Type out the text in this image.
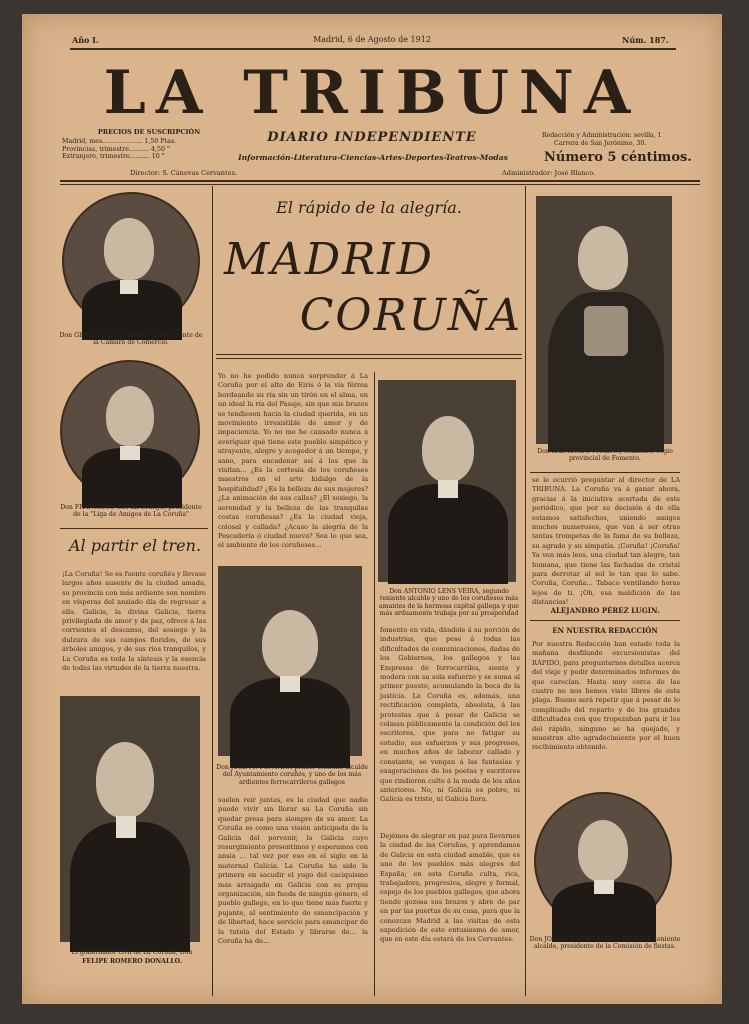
Año I.	Madrid, 6 de Agosto de 1912	Núm. 187.
LA TRIBUNA
PRECIOS DE SUSCRIPCIÓN
Madrid, mes.................... 1,50 Ptas.
Provincias, trimestre.......... 4,50 "
Extranjero, trimestre.......... 10 "
DIARIO INDEPENDIENTE
Información-Literatura-Ciencias-Artes-Deportes-Teatros-Modas
Redacción y Administración: sevilla, 1
Carrera de San Jerónimo, 30.
Número 5 céntimos.
Director: S. Cánovas Cervantes.	Administrador: José Blanco.
Don GERMÁN S. POMBRIEGA, presidente de la Cámara de Comercio.
Don FRANCISCO LÓPEZ BREIJO, presidente de la "Liga de Amigos de La Coruña"
Al partir el tren.
¡La Coruña! Se es fuente coruñés y llevase largos años ausente de la ciudad amada, su provincia con más ardiente son nombre en vísperas del ansiado día de regresar a ella. Galicia, la divina Galicia, tierra privilegiada de amor y de paz, ofrece á las corrientes el descanso, del sosiego y la dulzura de sus campos floridos, de sus árboles amigos, y de sus ríos tranquilos, y La Coruña es toda la síntesis y la esencia de todas las virtudes de la tierra nuestra.
El gobernador civil de La Coruña, Don
FELIPE ROMERO DONALLO.
El rápido de la alegría.
MADRID
CORUÑA
Yo no he podido nunca sorprender á La Coruña por el alto de Eiris ó la vía férrea bordeando su ría sin un tirón en el alma, en un ideal la ría del Pasaje, sin que mis brazos se tendiesen hacia la ciudad querida, en un movimiento irresistible de amor y de impaciencia. Yo no me he cansado nunca á averiguar qué tiene este pueblo simpático y atrayente, alegre y acogedor á un tiempo, y sano, para encadenar así á los que la visitan... ¿Es la cortesía de los coruñeses maestros en el arte hidalgo de la hospitalidad? ¿Es la belleza de sus mujeres? ¿La animación de sus calles? ¿El sosiego, la serenidad y la belleza de las tranquilas costas coruñesas? ¿Es la ciudad vieja, colosal y callada? ¿Acaso la alegría de la Pescadería ó ciudad nueva? Sea lo que sea, el ambiente de los coruñeses...
Don ANTONIO LENS VEIRA, segundo teniente alcalde y uno de los coruñeses más amantes de la hermosa capital gallega y que más arduamente trabaja por su prosperidad
Don JOSÉ M. FONTANA primer teniente alcalde del Ayuntamiento coruñés, y uno de los más ardientes ferrocarrileros gallegos
suelen reír juntas, es la ciudad que nadie puede vivir sin llorar su La Coruña sin quedar presa para siempre de su amor. La Coruña es como una visión anticipada de la Galicia del porvenir, la Galicia cuyo resurgimiento presentimos y esperamos con ansia ... tal vez por eso en el siglo en la maternal Galicia. La Coruña ha sido la primera en sacudir el yugo del caciquismo más arraigado en Galicia con su propia organización, sin fueda de ningún género, el pueblo gallego, en lo que tiene más fuerte y pujante, al sentimiento de emancipación y de libertad, hace servicio para emancipar de la tutela del Estado y librarse de... la Coruña ha de...
fomento en vida, dándole á su porción de industrias, que pese á todas las dificultades de comunicaciones, dadas de los Gobiernos, los gallegos y las Empresas de ferrocarriles, siente y modera con su sola esfuerzo y se suma al primer puesto, acumulando la boca de la justicia. La Coruña es, además, una rectificación completa, absoluta, á las protestas que á pesar de Galicia se colman públicamente la condición del los escritores, que para no fatigar su estudio, sus esfuerzos y sus progresos, en muchos años de laborar callado y constante, se vengan á las fantasías y exageraciones de los poetas y escritores que rindieron culto á la moda de los años anteriores. No, ni Galicia es pobre, ni Galicia es triste, ni Galicia llora.
Dejémos de alegrar en paz para llevarnos la ciudad de las Coruñas, y aprendamos de Galicia en esta ciudad amable, que es uno de los pueblos más alegres del España; en esta Coruña culta, rica, trabajadora, progresiva, alegre y formal, espejo de los pueblos gallegos, que ahora tiende gozosa sus brazos y abre de par en par las puertas de su casa, para que la conozcan Madrid á las visitas de esta expedición de este entusiasmo de amor, que en este día estará de los Cervantes.
Don RAIMUNDO MOLINA, comisario regio provincial de Fomento.
se le ocurrió preguntar al director de LA TRIBUNA. La Coruña va á ganar ahora, gracias á la iniciativa acertada de este periódico, que por su decisión á de ella estamos satisfechos, uniendo amigos muchos numerosos, que van á ser otras tantas trompetas de la fama de su belleza, su agrado y su simpatía. ¡Coruña! ¡Coruña! Ya ven más leos, una ciudad tan alegre, tan humana, que tiene las fachadas de cristal para derrotar al sol le tan que lo sabe. Coruña, Coruña... Tabaco ventilando horas lejos de ti. ¡Oh, esa maldición de las distancias!
ALEJANDRO PÉREZ LUGIN.
EN NUESTRA REDACCIÓN
Por nuestra Redacción han estado toda la mañana desfilando excursionistas del RÁPIDO, para preguntarnos detalles acerca del viaje y pedir determinados informes de que carecían. Hasta muy cerca de las cuatro no nos hemos visto libres de esta plaga. Bueno será repetir que á pesar de lo complicado del reparto y de los grandes dificultades con que tropezaban para ir los del rápido, ninguno se ha quejado, y muestran alto agradecimiento por el buen recibimiento obtenido.
Don JOAQUÍN MARTÍNEZ MARTÍNEZ, teniente alcalde, presidente de la Comisión de fiestas.
